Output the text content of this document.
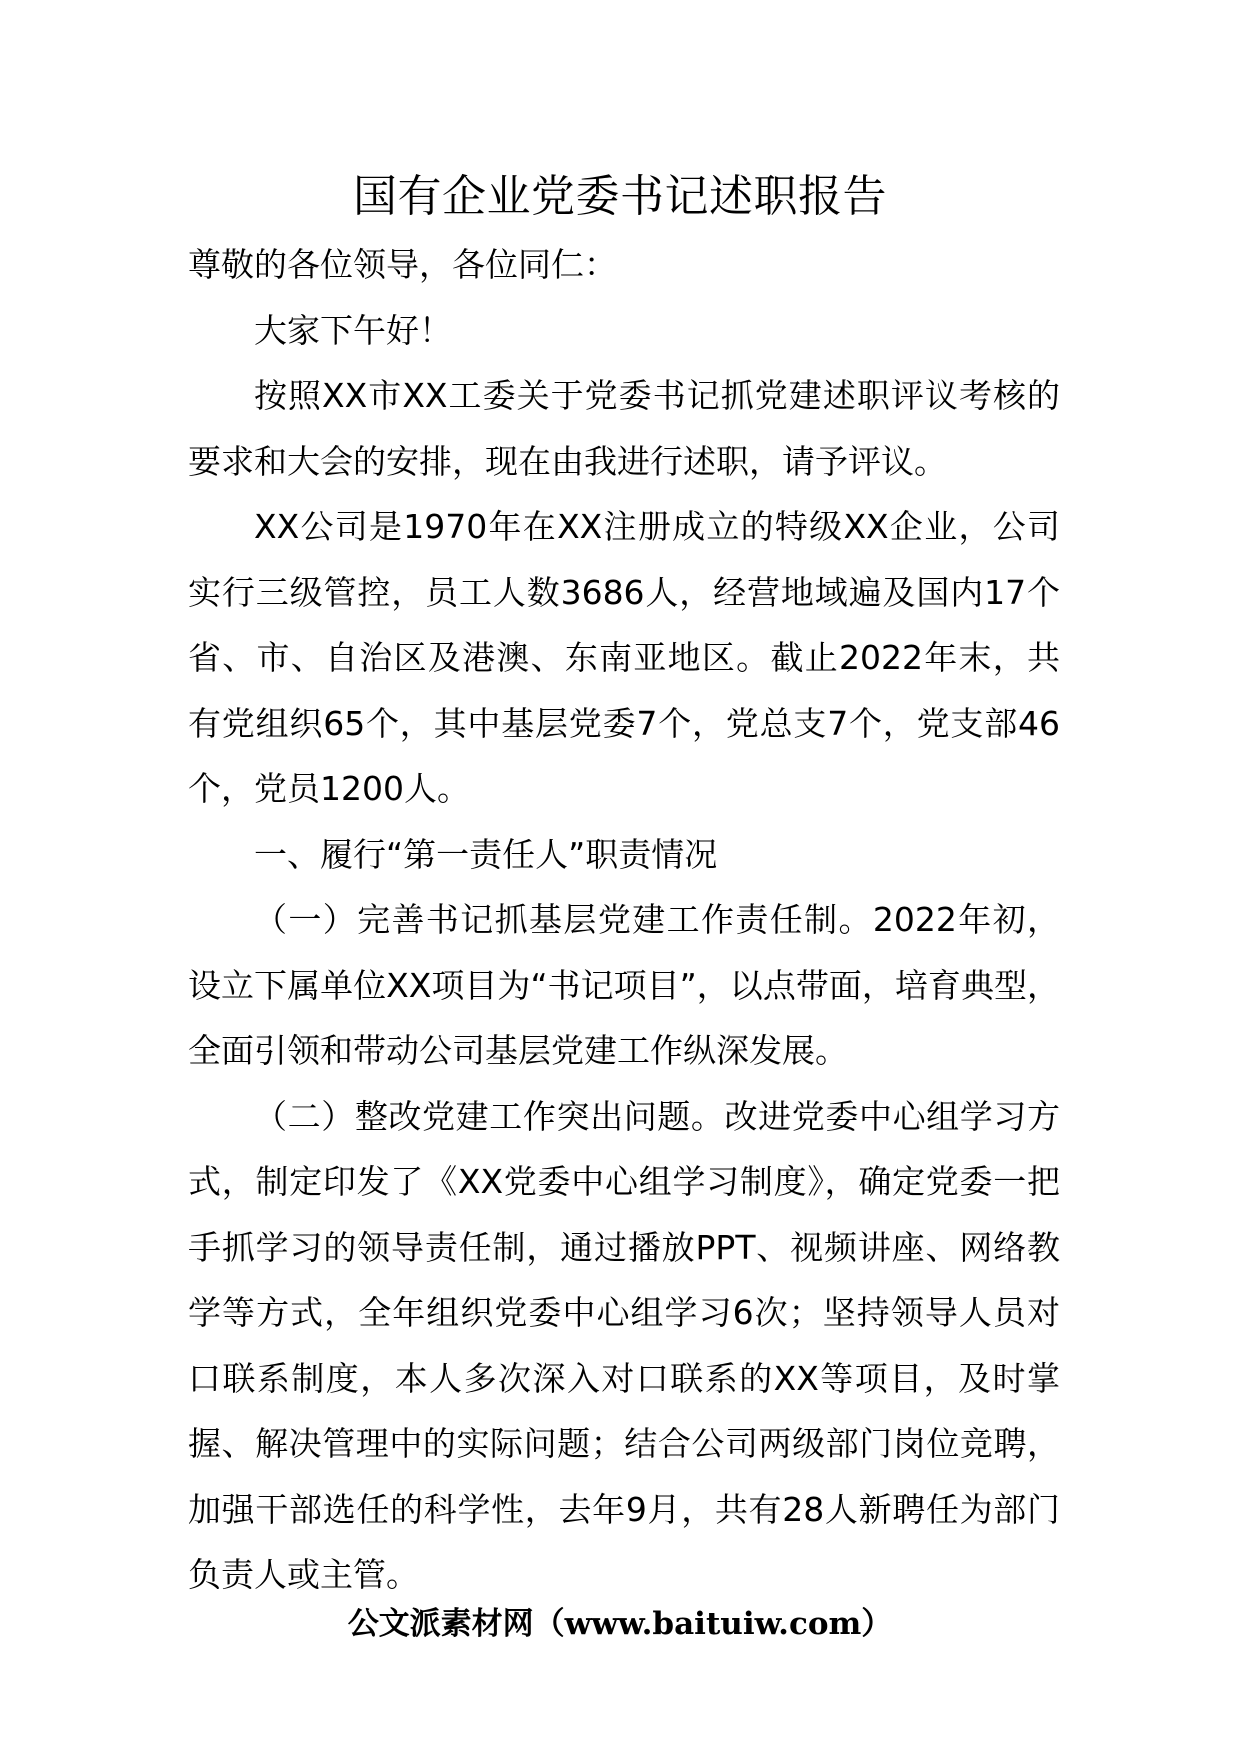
国有企业党委书记述职报告

尊敬的各位领导，各位同仁：

大家下午好！

按照XX市XX工委关于党委书记抓党建述职评议考核的要求和大会的安排，现在由我进行述职，请予评议。

XX公司是1970年在XX注册成立的特级XX企业，公司实行三级管控，员工人数3686人，经营地域遍及国内17个省、市、自治区及港澳、东南亚地区。截止2022年末，共有党组织65个，其中基层党委7个，党总支7个，党支部46个，党员1200人。

一、履行“第一责任人”职责情况

（一）完善书记抓基层党建工作责任制。2022年初，设立下属单位XX项目为“书记项目”，以点带面，培育典型，全面引领和带动公司基层党建工作纵深发展。

（二）整改党建工作突出问题。改进党委中心组学习方式，制定印发了《XX党委中心组学习制度》，确定党委一把手抓学习的领导责任制，通过播放PPT、视频讲座、网络教学等方式，全年组织党委中心组学习6次；坚持领导人员对口联系制度，本人多次深入对口联系的XX等项目，及时掌握、解决管理中的实际问题；结合公司两级部门岗位竞聘，加强干部选任的科学性，去年9月，共有28人新聘任为部门负责人或主管。

公文派素材网（www.baituiw.com）
